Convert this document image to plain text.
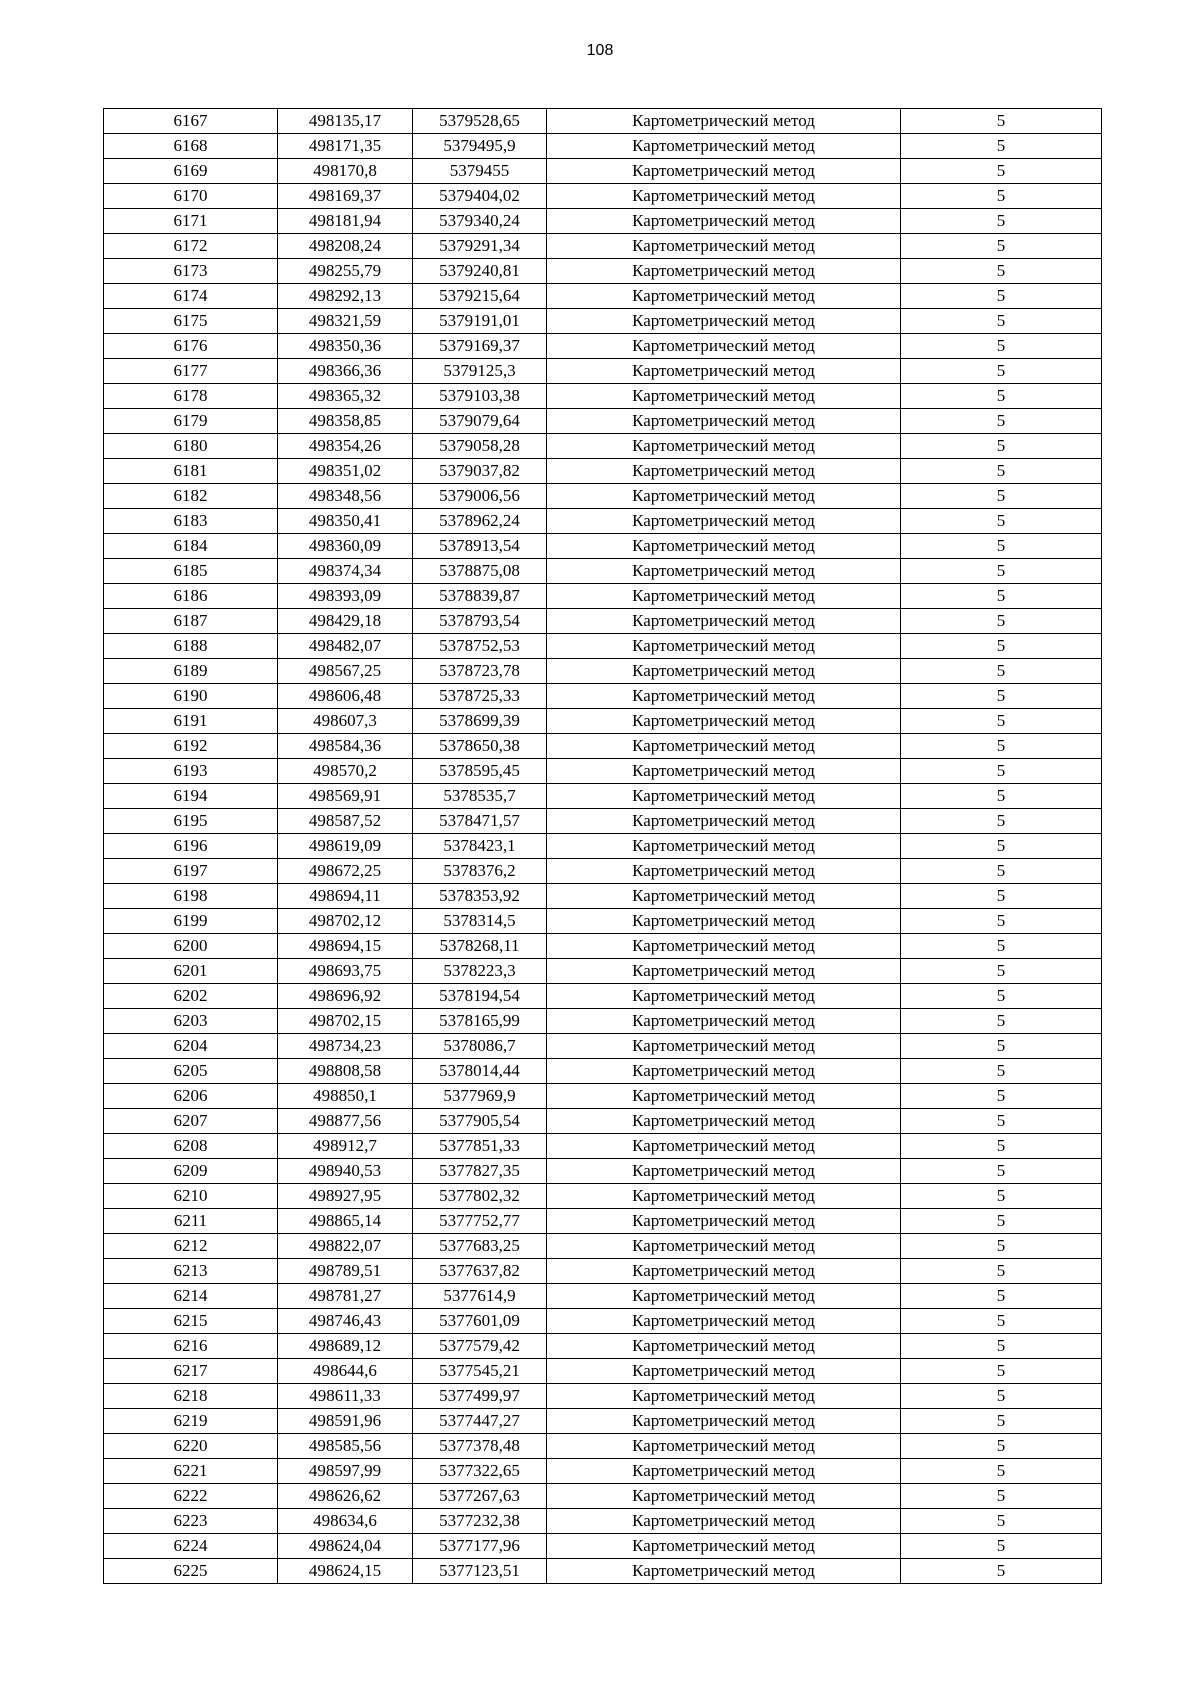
108
6167	498135,17	5379528,65	Картометрический метод	5
6168	498171,35	5379495,9	Картометрический метод	5
6169	498170,8	5379455	Картометрический метод	5
6170	498169,37	5379404,02	Картометрический метод	5
6171	498181,94	5379340,24	Картометрический метод	5
6172	498208,24	5379291,34	Картометрический метод	5
6173	498255,79	5379240,81	Картометрический метод	5
6174	498292,13	5379215,64	Картометрический метод	5
6175	498321,59	5379191,01	Картометрический метод	5
6176	498350,36	5379169,37	Картометрический метод	5
6177	498366,36	5379125,3	Картометрический метод	5
6178	498365,32	5379103,38	Картометрический метод	5
6179	498358,85	5379079,64	Картометрический метод	5
6180	498354,26	5379058,28	Картометрический метод	5
6181	498351,02	5379037,82	Картометрический метод	5
6182	498348,56	5379006,56	Картометрический метод	5
6183	498350,41	5378962,24	Картометрический метод	5
6184	498360,09	5378913,54	Картометрический метод	5
6185	498374,34	5378875,08	Картометрический метод	5
6186	498393,09	5378839,87	Картометрический метод	5
6187	498429,18	5378793,54	Картометрический метод	5
6188	498482,07	5378752,53	Картометрический метод	5
6189	498567,25	5378723,78	Картометрический метод	5
6190	498606,48	5378725,33	Картометрический метод	5
6191	498607,3	5378699,39	Картометрический метод	5
6192	498584,36	5378650,38	Картометрический метод	5
6193	498570,2	5378595,45	Картометрический метод	5
6194	498569,91	5378535,7	Картометрический метод	5
6195	498587,52	5378471,57	Картометрический метод	5
6196	498619,09	5378423,1	Картометрический метод	5
6197	498672,25	5378376,2	Картометрический метод	5
6198	498694,11	5378353,92	Картометрический метод	5
6199	498702,12	5378314,5	Картометрический метод	5
6200	498694,15	5378268,11	Картометрический метод	5
6201	498693,75	5378223,3	Картометрический метод	5
6202	498696,92	5378194,54	Картометрический метод	5
6203	498702,15	5378165,99	Картометрический метод	5
6204	498734,23	5378086,7	Картометрический метод	5
6205	498808,58	5378014,44	Картометрический метод	5
6206	498850,1	5377969,9	Картометрический метод	5
6207	498877,56	5377905,54	Картометрический метод	5
6208	498912,7	5377851,33	Картометрический метод	5
6209	498940,53	5377827,35	Картометрический метод	5
6210	498927,95	5377802,32	Картометрический метод	5
6211	498865,14	5377752,77	Картометрический метод	5
6212	498822,07	5377683,25	Картометрический метод	5
6213	498789,51	5377637,82	Картометрический метод	5
6214	498781,27	5377614,9	Картометрический метод	5
6215	498746,43	5377601,09	Картометрический метод	5
6216	498689,12	5377579,42	Картометрический метод	5
6217	498644,6	5377545,21	Картометрический метод	5
6218	498611,33	5377499,97	Картометрический метод	5
6219	498591,96	5377447,27	Картометрический метод	5
6220	498585,56	5377378,48	Картометрический метод	5
6221	498597,99	5377322,65	Картометрический метод	5
6222	498626,62	5377267,63	Картометрический метод	5
6223	498634,6	5377232,38	Картометрический метод	5
6224	498624,04	5377177,96	Картометрический метод	5
6225	498624,15	5377123,51	Картометрический метод	5
